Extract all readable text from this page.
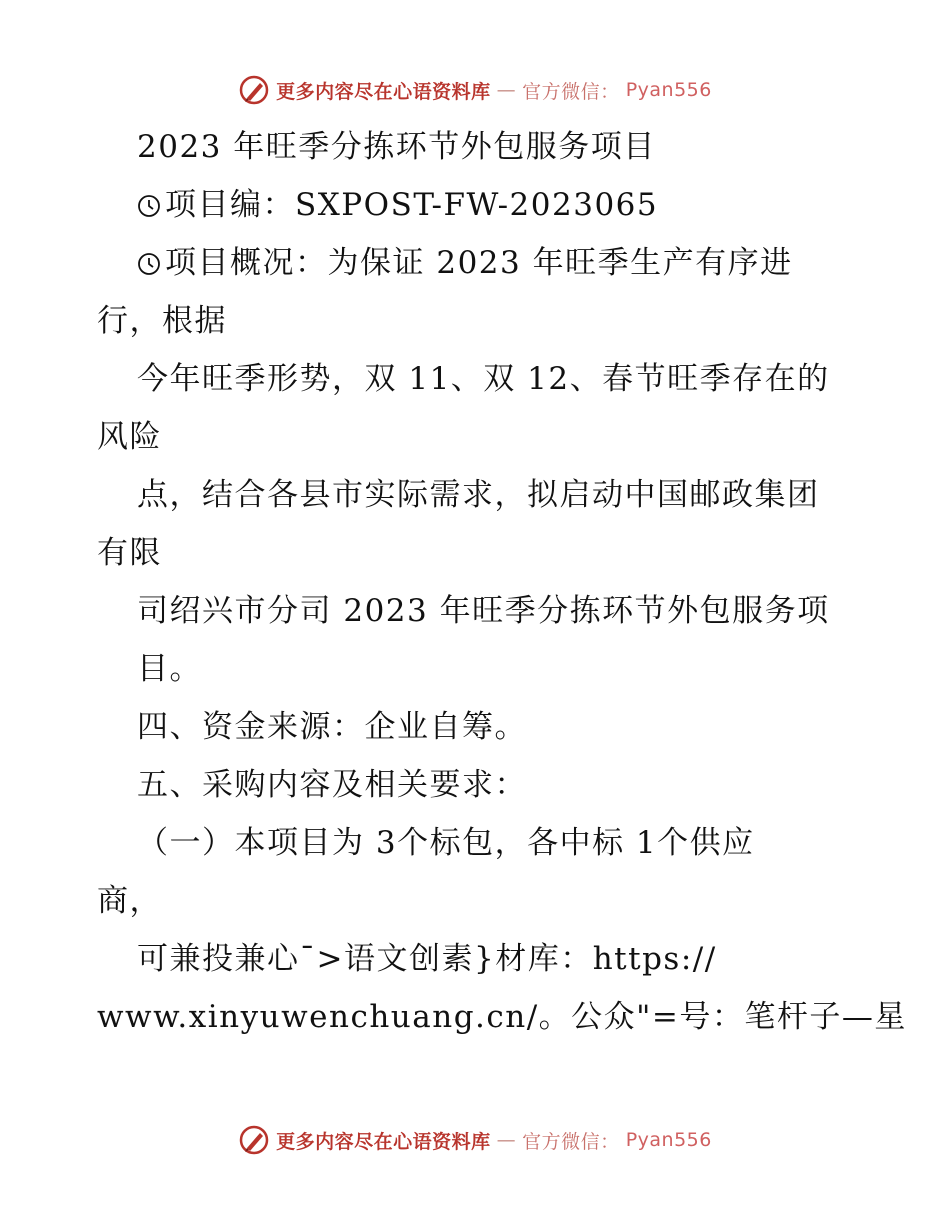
更多内容尽在心语资料库 — 官方微信： Pyan556
2023 年旺季分拣环节外包服务项目
项目编：SXPOST-FW-2023065
项目概况：为保证 2023 年旺季生产有序进
行，根据
今年旺季形势，双 11、双 12、春节旺季存在的
风险
点，结合各县市实际需求，拟启动中国邮政集团
有限
司绍兴市分司 2023 年旺季分拣环节外包服务项
目。
四、资金来源：企业自筹。
五、采购内容及相关要求：
（一）本项目为 3个标包，各中标 1个供应
商，
可兼投兼心¯>语文创素}材库：https://
www.xinyuwenchuang.cn/。公众"=号：笔杆子—星
更多内容尽在心语资料库 — 官方微信： Pyan556
